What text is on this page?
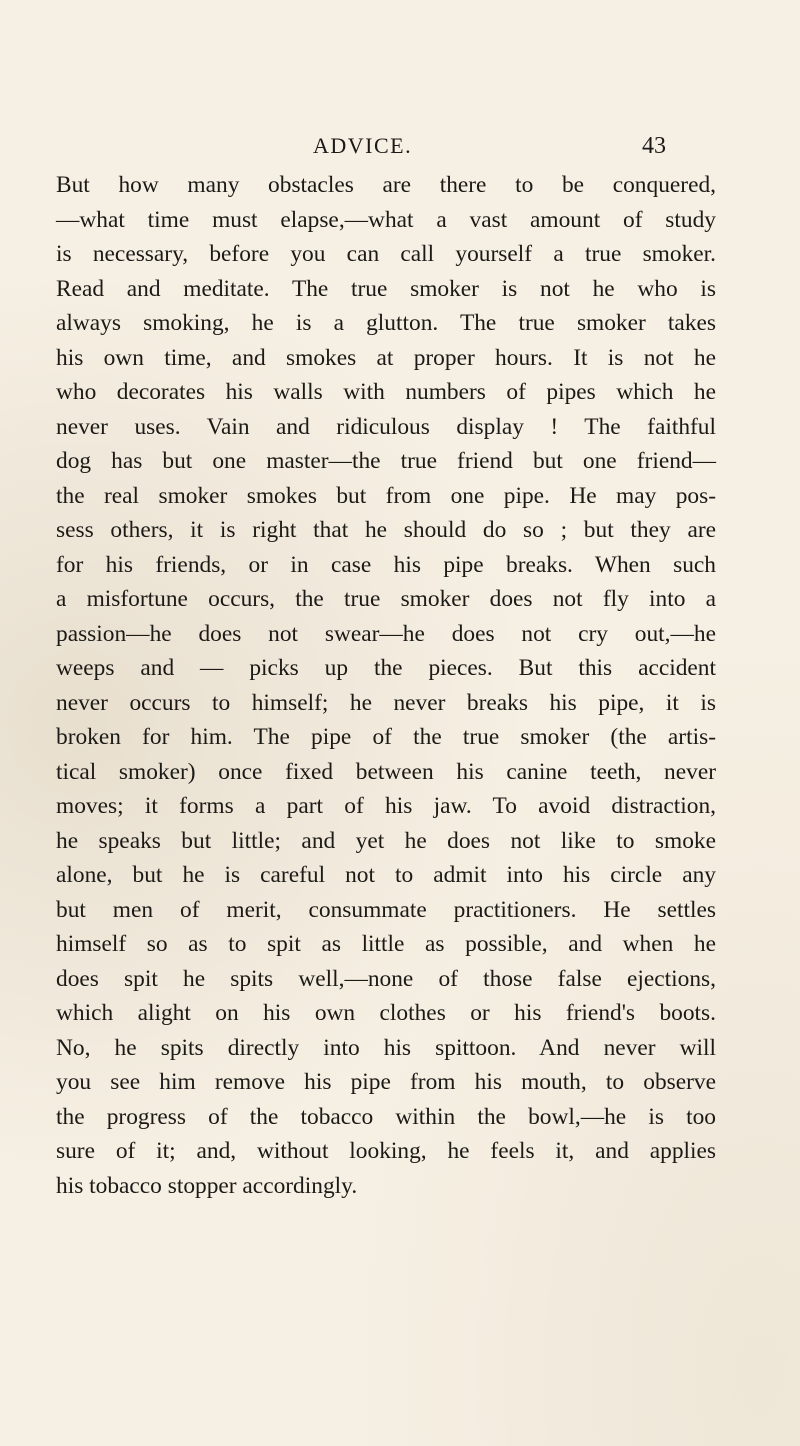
ADVICE.	43
But how many obstacles are there to be conquered,
—what time must elapse,—what a vast amount of study
is necessary, before you can call yourself a true smoker.
Read and meditate. The true smoker is not he who is
always smoking, he is a glutton. The true smoker takes
his own time, and smokes at proper hours. It is not he
who decorates his walls with numbers of pipes which he
never uses. Vain and ridiculous display ! The faithful
dog has but one master—the true friend but one friend—
the real smoker smokes but from one pipe. He may pos-
sess others, it is right that he should do so ; but they are
for his friends, or in case his pipe breaks. When such
a misfortune occurs, the true smoker does not fly into a
passion—he does not swear—he does not cry out,—he
weeps and — picks up the pieces. But this accident
never occurs to himself; he never breaks his pipe, it is
broken for him. The pipe of the true smoker (the artis-
tical smoker) once fixed between his canine teeth, never
moves; it forms a part of his jaw. To avoid distraction,
he speaks but little; and yet he does not like to smoke
alone, but he is careful not to admit into his circle any
but men of merit, consummate practitioners. He settles
himself so as to spit as little as possible, and when he
does spit he spits well,—none of those false ejections,
which alight on his own clothes or his friend's boots.
No, he spits directly into his spittoon. And never will
you see him remove his pipe from his mouth, to observe
the progress of the tobacco within the bowl,—he is too
sure of it; and, without looking, he feels it, and applies
his tobacco stopper accordingly.
